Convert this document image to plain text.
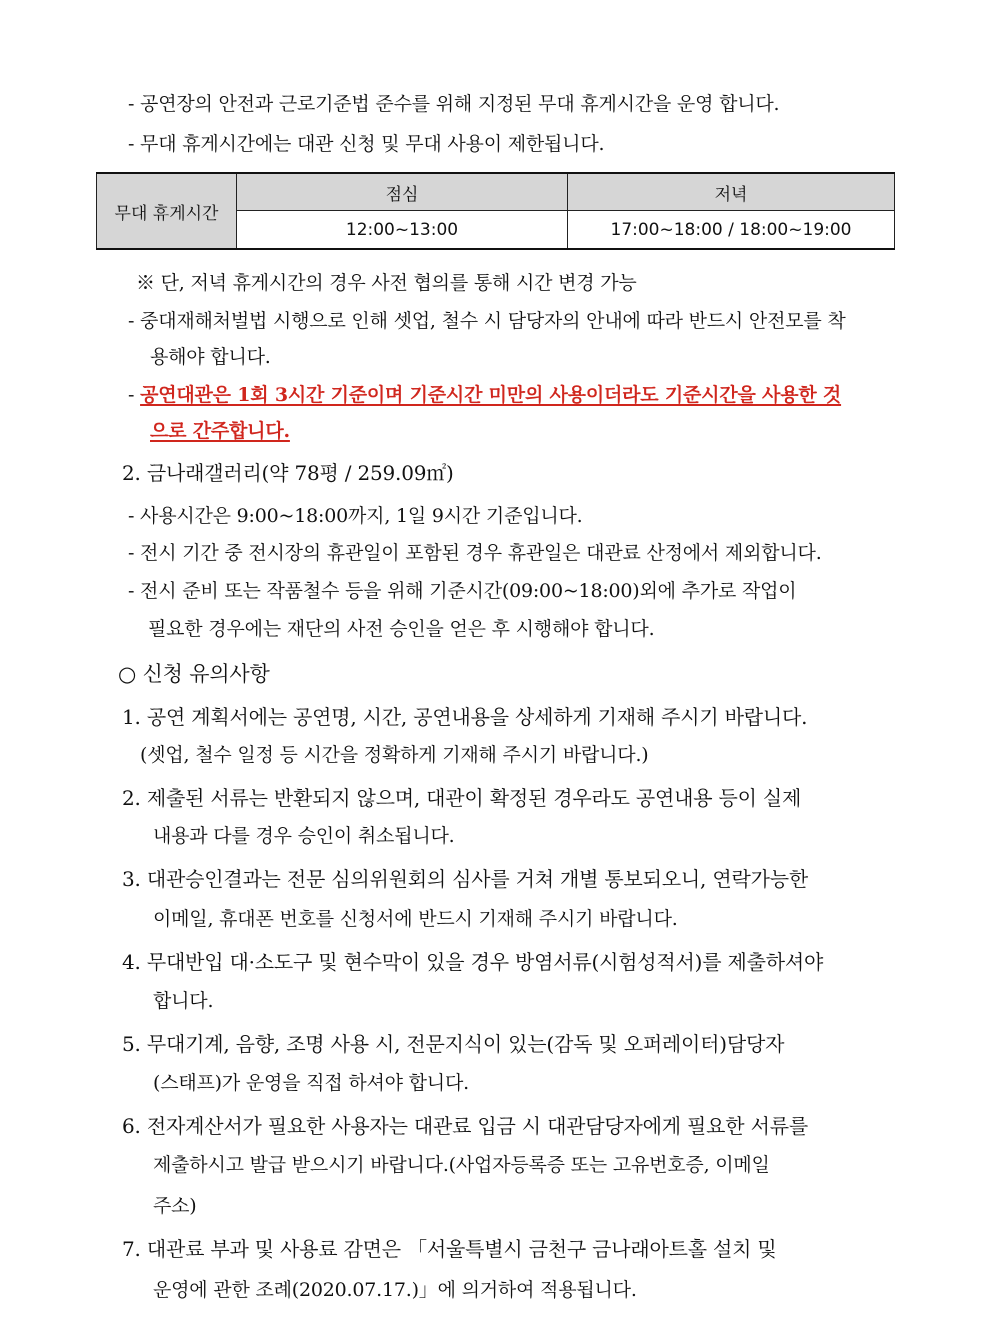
- 공연장의 안전과 근로기준법 준수를 위해 지정된 무대 휴게시간을 운영 합니다.
- 무대 휴게시간에는 대관 신청 및 무대 사용이 제한됩니다.
무대 휴게시간	점심	저녁
	12:00~13:00	17:00~18:00 / 18:00~19:00
※ 단, 저녁 휴게시간의 경우 사전 협의를 통해 시간 변경 가능
- 중대재해처벌법 시행으로 인해 셋업, 철수 시 담당자의 안내에 따라 반드시 안전모를 착
용해야 합니다.
- 공연대관은 1회 3시간 기준이며 기준시간 미만의 사용이더라도 기준시간을 사용한 것
으로 간주합니다.
2. 금나래갤러리(약 78평 / 259.09㎡)
- 사용시간은 9:00~18:00까지, 1일 9시간 기준입니다.
- 전시 기간 중 전시장의 휴관일이 포함된 경우 휴관일은 대관료 산정에서 제외합니다.
- 전시 준비 또는 작품철수 등을 위해 기준시간(09:00~18:00)외에 추가로 작업이
필요한 경우에는 재단의 사전 승인을 얻은 후 시행해야 합니다.
○ 신청 유의사항
1. 공연 계획서에는 공연명, 시간, 공연내용을 상세하게 기재해 주시기 바랍니다.
(셋업, 철수 일정 등 시간을 정확하게 기재해 주시기 바랍니다.)
2. 제출된 서류는 반환되지 않으며, 대관이 확정된 경우라도 공연내용 등이 실제
내용과 다를 경우 승인이 취소됩니다.
3. 대관승인결과는 전문 심의위원회의 심사를 거쳐 개별 통보되오니, 연락가능한
이메일, 휴대폰 번호를 신청서에 반드시 기재해 주시기 바랍니다.
4. 무대반입 대·소도구 및 현수막이 있을 경우 방염서류(시험성적서)를 제출하셔야
합니다.
5. 무대기계, 음향, 조명 사용 시, 전문지식이 있는(감독 및 오퍼레이터)담당자
(스태프)가 운영을 직접 하셔야 합니다.
6. 전자계산서가 필요한 사용자는 대관료 입금 시 대관담당자에게 필요한 서류를
제출하시고 발급 받으시기 바랍니다.(사업자등록증 또는 고유번호증, 이메일
주소)
7. 대관료 부과 및 사용료 감면은 「서울특별시 금천구 금나래아트홀 설치 및
운영에 관한 조례(2020.07.17.)」에 의거하여 적용됩니다.
